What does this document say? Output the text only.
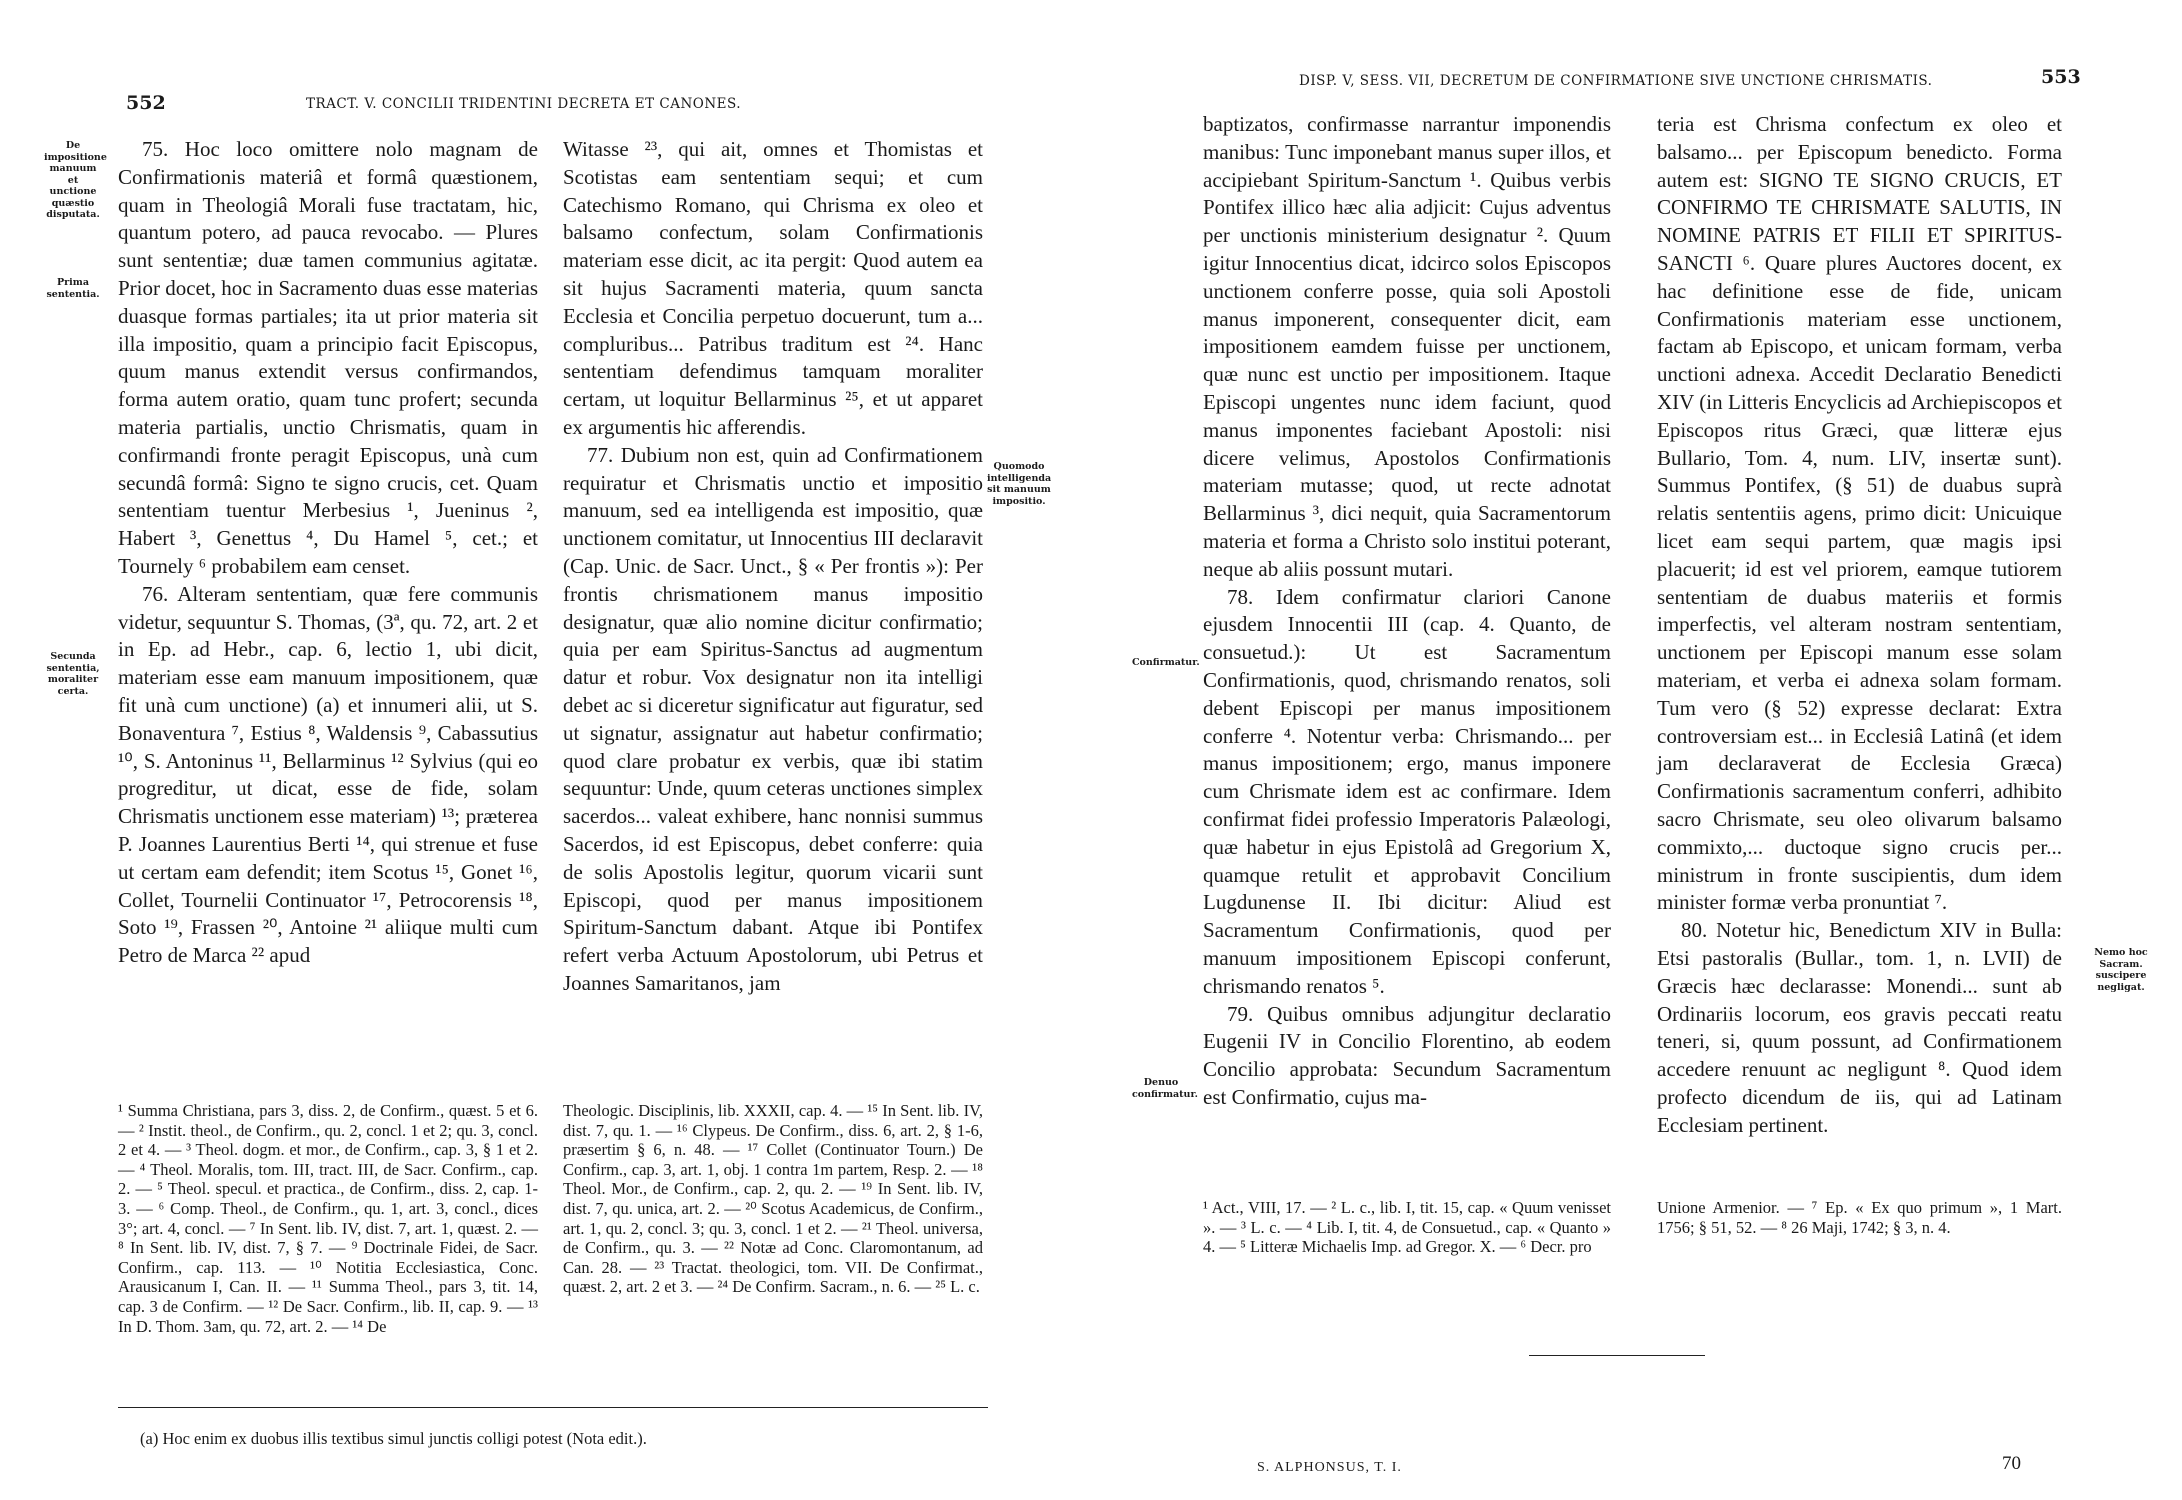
552	TRACT. V. CONCILII TRIDENTINI DECRETA ET CANONES.
De impositione manuum et unctione quæstio disputata.
Prima sententia.
Secunda sententia, moraliter certa.

75. Hoc loco omittere nolo magnam de Confirmationis materiâ et formâ quæstionem, quam in Theologiâ Morali fuse tractatam, hic, quantum potero, ad pauca revocabo. — Plures sunt sententiæ; duæ tamen communius agitatæ. Prior docet, hoc in Sacramento duas esse materias duasque formas partiales; ita ut prior materia sit illa impositio, quam a principio facit Episcopus, quum manus extendit versus confirmandos, forma autem oratio, quam tunc profert; secunda materia partialis, unctio Chrismatis, quam in confirmandi fronte peragit Episcopus, unà cum secundâ formâ: Signo te signo crucis, cet. Quam sententiam tuentur Merbesius ¹, Jueninus ², Habert ³, Genettus ⁴, Du Hamel ⁵, cet.; et Tournely ⁶ probabilem eam censet.

76. Alteram sententiam, quæ fere communis videtur, sequuntur S. Thomas, (3ª, qu. 72, art. 2 et in Ep. ad Hebr., cap. 6, lectio 1, ubi dicit, materiam esse eam manuum impositionem, quæ fit unà cum unctione) (a) et innumeri alii, ut S. Bonaventura ⁷, Estius ⁸, Waldensis ⁹, Cabassutius ¹⁰, S. Antoninus ¹¹, Bellarminus ¹² Sylvius (qui eo progreditur, ut dicat, esse de fide, solam Chrismatis unctionem esse materiam) ¹³; præterea P. Joannes Laurentius Berti ¹⁴, qui strenue et fuse ut certam eam defendit; item Scotus ¹⁵, Gonet ¹⁶, Collet, Tournelii Continuator ¹⁷, Petrocorensis ¹⁸, Soto ¹⁹, Frassen ²⁰, Antoine ²¹ aliique multi cum Petro de Marca ²² apud

Witasse ²³, qui ait, omnes et Thomistas et Scotistas eam sententiam sequi; et cum Catechismo Romano, qui Chrisma ex oleo et balsamo confectum, solam Confirmationis materiam esse dicit, ac ita pergit: Quod autem ea sit hujus Sacramenti materia, quum sancta Ecclesia et Concilia perpetuo docuerunt, tum a... compluribus... Patribus traditum est ²⁴. Hanc sententiam defendimus tamquam moraliter certam, ut loquitur Bellarminus ²⁵, et ut apparet ex argumentis hic afferendis.

77. Dubium non est, quin ad Confirmationem requiratur et Chrismatis unctio et impositio manuum, sed ea intelligenda est impositio, quæ unctionem comitatur, ut Innocentius III declaravit (Cap. Unic. de Sacr. Unct., § « Per frontis »): Per frontis chrismationem manus impositio designatur, quæ alio nomine dicitur confirmatio; quia per eam Spiritus-Sanctus ad augmentum datur et robur. Vox designatur non ita intelligi debet ac si diceretur significatur aut figuratur, sed ut signatur, assignatur aut habetur confirmatio; quod clare probatur ex verbis, quæ ibi statim sequuntur: Unde, quum ceteras unctiones simplex sacerdos... valeat exhibere, hanc nonnisi summus Sacerdos, id est Episcopus, debet conferre: quia de solis Apostolis legitur, quorum vicarii sunt Episcopi, quod per manus impositionem Spiritum-Sanctum dabant. Atque ibi Pontifex refert verba Actuum Apostolorum, ubi Petrus et Joannes Samaritanos, jam

¹ Summa Christiana, pars 3, diss. 2, de Confirm., quæst. 5 et 6. — ² Instit. theol., de Confirm., qu. 2, concl. 1 et 2; qu. 3, concl. 2 et 4. — ³ Theol. dogm. et mor., de Confirm., cap. 3, § 1 et 2. — ⁴ Theol. Moralis, tom. III, tract. III, de Sacr. Confirm., cap. 2. — ⁵ Theol. specul. et practica., de Confirm., diss. 2, cap. 1-3. — ⁶ Comp. Theol., de Confirm., qu. 1, art. 3, concl., dices 3°; art. 4, concl. — ⁷ In Sent. lib. IV, dist. 7, art. 1, quæst. 2. — ⁸ In Sent. lib. IV, dist. 7, § 7. — ⁹ Doctrinale Fidei, de Sacr. Confirm., cap. 113. — ¹⁰ Notitia Ecclesiastica, Conc. Arausicanum I, Can. II. — ¹¹ Summa Theol., pars 3, tit. 14, cap. 3 de Confirm. — ¹² De Sacr. Confirm., lib. II, cap. 9. — ¹³ In D. Thom. 3am, qu. 72, art. 2. — ¹⁴ De
Theologic. Disciplinis, lib. XXXII, cap. 4. — ¹⁵ In Sent. lib. IV, dist. 7, qu. 1. — ¹⁶ Clypeus. De Confirm., diss. 6, art. 2, § 1-6, præsertim § 6, n. 48. — ¹⁷ Collet (Continuator Tourn.) De Confirm., cap. 3, art. 1, obj. 1 contra 1m partem, Resp. 2. — ¹⁸ Theol. Mor., de Confirm., cap. 2, qu. 2. — ¹⁹ In Sent. lib. IV, dist. 7, qu. unica, art. 2. — ²⁰ Scotus Academicus, de Confirm., art. 1, qu. 2, concl. 3; qu. 3, concl. 1 et 2. — ²¹ Theol. universa, de Confirm., qu. 3. — ²² Notæ ad Conc. Claromontanum, ad Can. 28. — ²³ Tractat. theologici, tom. VII. De Confirmat., quæst. 2, art. 2 et 3. — ²⁴ De Confirm. Sacram., n. 6. — ²⁵ L. c.
(a) Hoc enim ex duobus illis textibus simul junctis colligi potest (Nota edit.).
Quomodo intelligenda sit manuum impositio.
DISP. V, SESS. VII, DECRETUM DE CONFIRMATIONE SIVE UNCTIONE CHRISMATIS.	553
Confirmatur.
Denuo confirmatur.
Nemo hoc Sacram. suscipere negligat.

baptizatos, confirmasse narrantur imponendis manibus: Tunc imponebant manus super illos, et accipiebant Spiritum-Sanctum ¹. Quibus verbis Pontifex illico hæc alia adjicit: Cujus adventus per unctionis ministerium designatur ². Quum igitur Innocentius dicat, idcirco solos Episcopos unctionem conferre posse, quia soli Apostoli manus imponerent, consequenter dicit, eam impositionem eamdem fuisse per unctionem, quæ nunc est unctio per impositionem. Itaque Episcopi ungentes nunc idem faciunt, quod manus imponentes faciebant Apostoli: nisi dicere velimus, Apostolos Confirmationis materiam mutasse; quod, ut recte adnotat Bellarminus ³, dici nequit, quia Sacramentorum materia et forma a Christo solo institui poterant, neque ab aliis possunt mutari.

78. Idem confirmatur clariori Canone ejusdem Innocentii III (cap. 4. Quanto, de consuetud.): Ut est Sacramentum Confirmationis, quod, chrismando renatos, soli debent Episcopi per manus impositionem conferre ⁴. Notentur verba: Chrismando... per manus impositionem; ergo, manus imponere cum Chrismate idem est ac confirmare. Idem confirmat fidei professio Imperatoris Palæologi, quæ habetur in ejus Epistolâ ad Gregorium X, quamque retulit et approbavit Concilium Lugdunense II. Ibi dicitur: Aliud est Sacramentum Confirmationis, quod per manuum impositionem Episcopi conferunt, chrismando renatos ⁵.

79. Quibus omnibus adjungitur declaratio Eugenii IV in Concilio Florentino, ab eodem Concilio approbata: Secundum Sacramentum est Confirmatio, cujus ma-

teria est Chrisma confectum ex oleo et balsamo... per Episcopum benedicto. Forma autem est: SIGNO TE SIGNO CRUCIS, ET CONFIRMO TE CHRISMATE SALUTIS, IN NOMINE PATRIS ET FILII ET SPIRITUS-SANCTI ⁶. Quare plures Auctores docent, ex hac definitione esse de fide, unicam Confirmationis materiam esse unctionem, factam ab Episcopo, et unicam formam, verba unctioni adnexa. Accedit Declaratio Benedicti XIV (in Litteris Encyclicis ad Archiepiscopos et Episcopos ritus Græci, quæ litteræ ejus Bullario, Tom. 4, num. LIV, insertæ sunt). Summus Pontifex, (§ 51) de duabus suprà relatis sententiis agens, primo dicit: Unicuique licet eam sequi partem, quæ magis ipsi placuerit; id est vel priorem, eamque tutiorem sententiam de duabus materiis et formis imperfectis, vel alteram nostram sententiam, unctionem per Episcopi manum esse solam materiam, et verba ei adnexa solam formam. Tum vero (§ 52) expresse declarat: Extra controversiam est... in Ecclesiâ Latinâ (et idem jam declaraverat de Ecclesia Græca) Confirmationis sacramentum conferri, adhibito sacro Chrismate, seu oleo olivarum balsamo commixto,... ductoque signo crucis per... ministrum in fronte suscipientis, dum idem minister formæ verba pronuntiat ⁷.

80. Notetur hic, Benedictum XIV in Bulla: Etsi pastoralis (Bullar., tom. 1, n. LVII) de Græcis hæc declarasse: Monendi... sunt ab Ordinariis locorum, eos gravis peccati reatu teneri, si, quum possunt, ad Confirmationem accedere renuunt ac negligunt ⁸. Quod idem profecto dicendum de iis, qui ad Latinam Ecclesiam pertinent.

¹ Act., VIII, 17. — ² L. c., lib. I, tit. 15, cap. « Quum venisset ». — ³ L. c. — ⁴ Lib. I, tit. 4, de Consuetud., cap. « Quanto » 4. — ⁵ Litteræ Michaelis Imp. ad Gregor. X. — ⁶ Decr. pro
Unione Armenior. — ⁷ Ep. « Ex quo primum », 1 Mart. 1756; § 51, 52. — ⁸ 26 Maji, 1742; § 3, n. 4.
S. ALPHONSUS, T. I.	70
